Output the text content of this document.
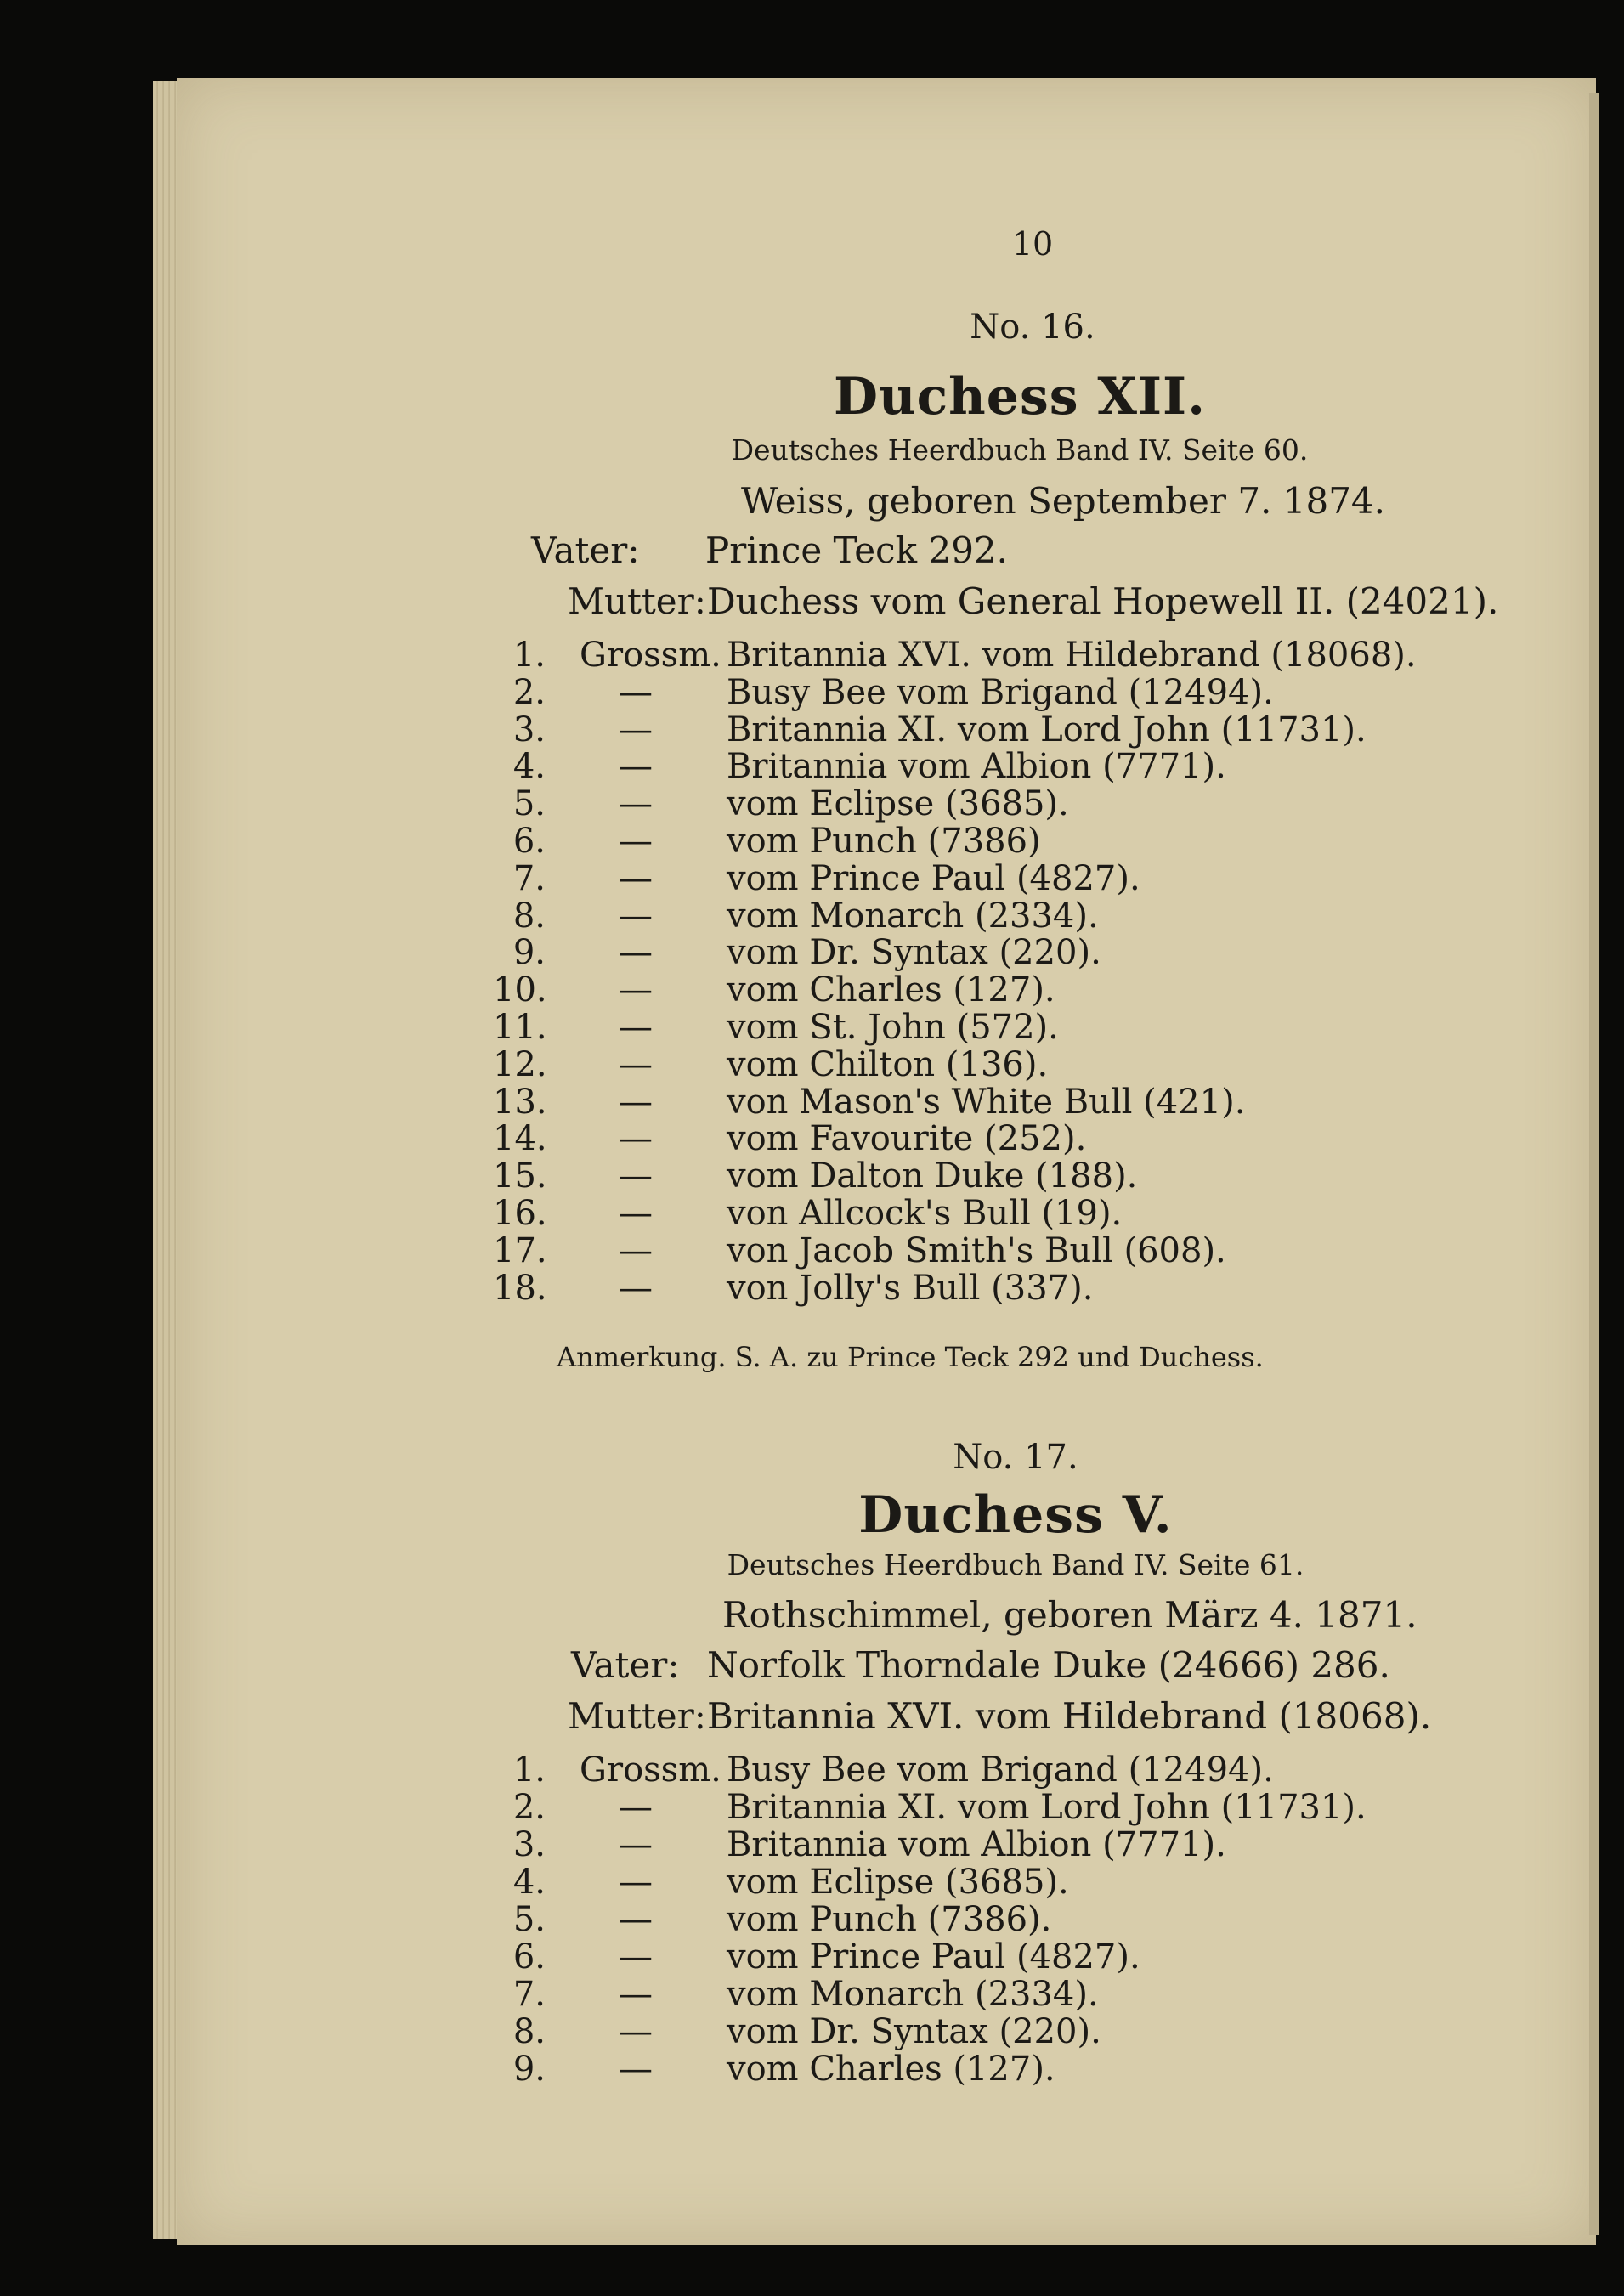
10
No. 16.
Duchess XII.
Deutsches Heerdbuch Band IV. Seite 60.
Weiss, geboren September 7. 1874.
Vater: Prince Teck 292.
Mutter: Duchess vom General Hopewell II. (24021).
1. Grossm. Britannia XVI. vom Hildebrand (18068).
2. — Busy Bee vom Brigand (12494).
3. — Britannia XI. vom Lord John (11731).
4. — Britannia vom Albion (7771).
5. — vom Eclipse (3685).
6. — vom Punch (7386)
7. — vom Prince Paul (4827).
8. — vom Monarch (2334).
9. — vom Dr. Syntax (220).
10. — vom Charles (127).
11. — vom St. John (572).
12. — vom Chilton (136).
13. — von Mason's White Bull (421).
14. — vom Favourite (252).
15. — vom Dalton Duke (188).
16. — von Allcock's Bull (19).
17. — von Jacob Smith's Bull (608).
18. — von Jolly's Bull (337).
Anmerkung. S. A. zu Prince Teck 292 und Duchess.
No. 17.
Duchess V.
Deutsches Heerdbuch Band IV. Seite 61.
Rothschimmel, geboren März 4. 1871.
Vater: Norfolk Thorndale Duke (24666) 286.
Mutter: Britannia XVI. vom Hildebrand (18068).
1. Grossm. Busy Bee vom Brigand (12494).
2. — Britannia XI. vom Lord John (11731).
3. — Britannia vom Albion (7771).
4. — vom Eclipse (3685).
5. — vom Punch (7386).
6. — vom Prince Paul (4827).
7. — vom Monarch (2334).
8. — vom Dr. Syntax (220).
9. — vom Charles (127).
